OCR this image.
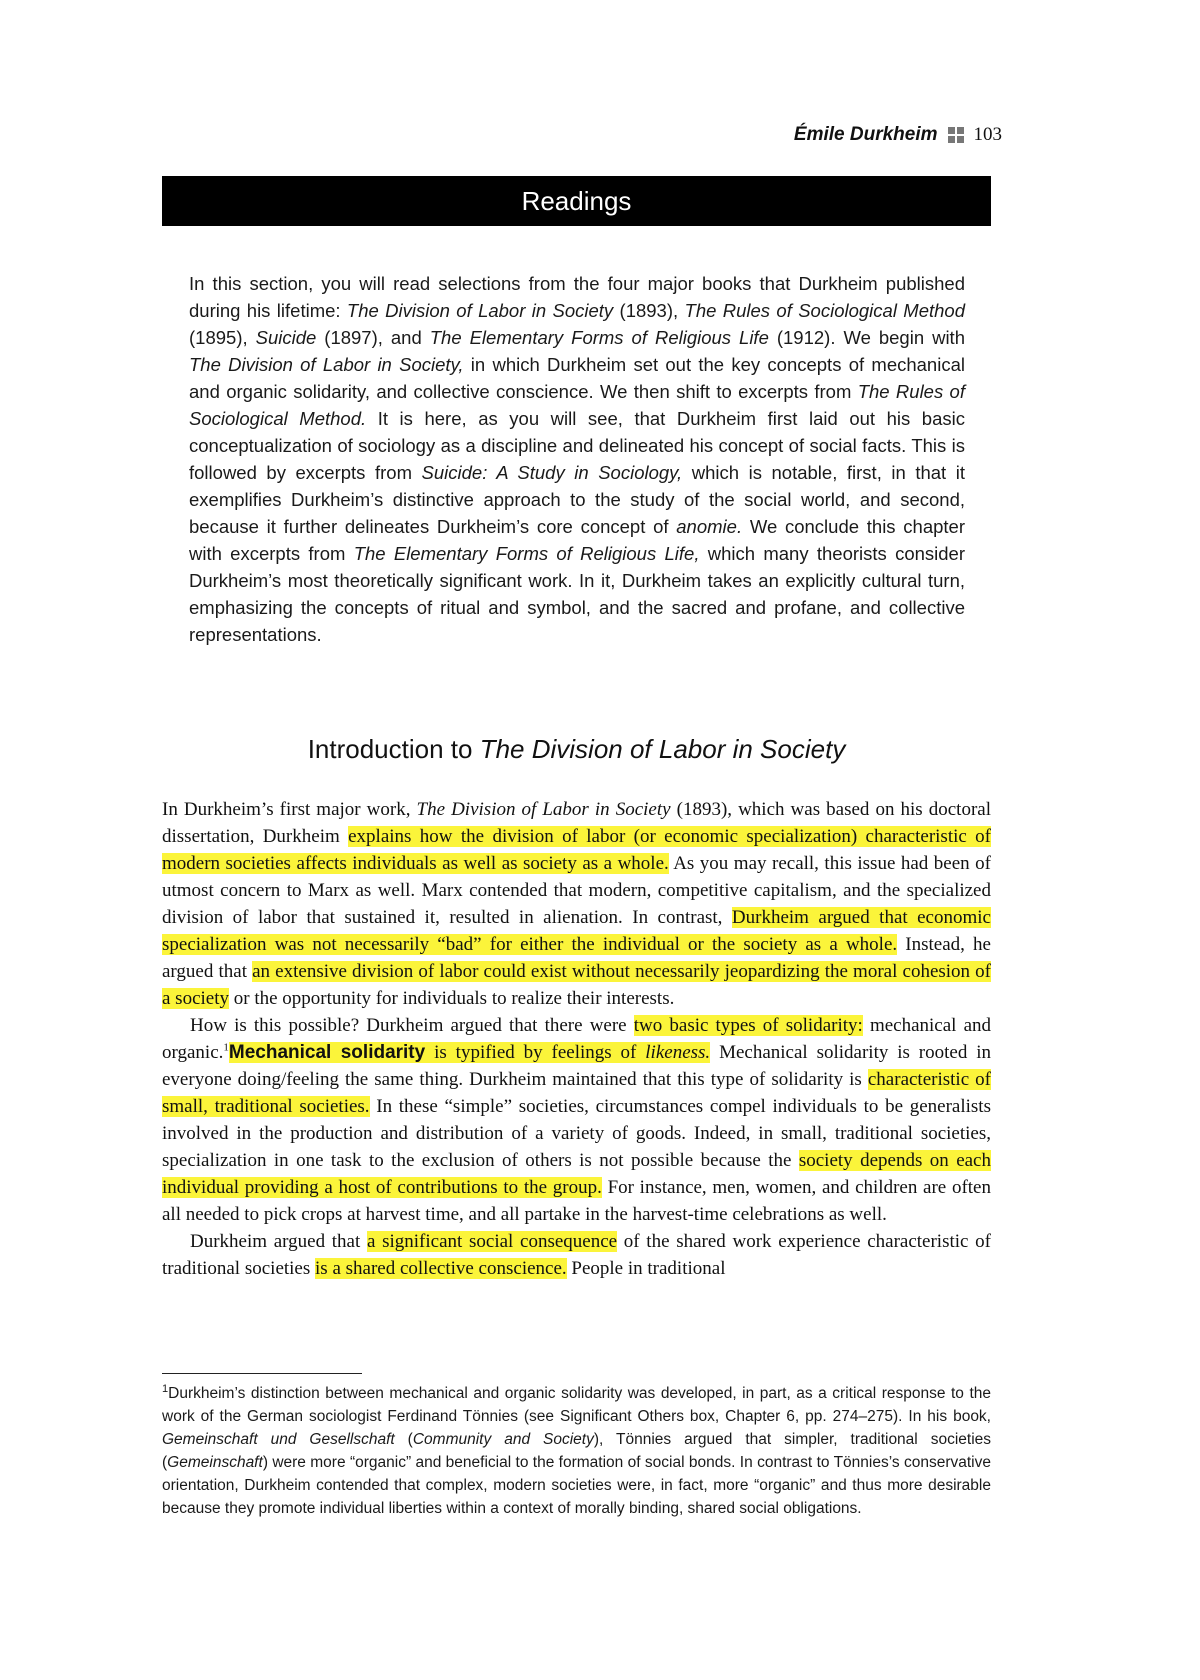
Émile Durkheim 103
Readings

In this section, you will read selections from the four major books that Durkheim published during his lifetime: The Division of Labor in Society (1893), The Rules of Sociological Method (1895), Suicide (1897), and The Elementary Forms of Religious Life (1912). We begin with The Division of Labor in Society, in which Durkheim set out the key concepts of mechanical and organic solidarity, and collective conscience. We then shift to excerpts from The Rules of Sociological Method. It is here, as you will see, that Durkheim first laid out his basic conceptualization of sociology as a discipline and delineated his concept of social facts. This is followed by excerpts from Suicide: A Study in Sociology, which is notable, first, in that it exemplifies Durkheim’s distinctive approach to the study of the social world, and second, because it further delineates Durkheim’s core concept of anomie. We conclude this chapter with excerpts from The Elementary Forms of Religious Life, which many theorists consider Durkheim’s most theoretically significant work. In it, Durkheim takes an explicitly cultural turn, emphasizing the concepts of ritual and symbol, and the sacred and profane, and collective representations.

Introduction to The Division of Labor in Society

In Durkheim’s first major work, The Division of Labor in Society (1893), which was based on his doctoral dissertation, Durkheim explains how the division of labor (or economic specialization) characteristic of modern societies affects individuals as well as society as a whole. As you may recall, this issue had been of utmost concern to Marx as well. Marx contended that modern, competitive capitalism, and the specialized division of labor that sustained it, resulted in alienation. In contrast, Durkheim argued that economic specialization was not necessarily “bad” for either the individual or the society as a whole. Instead, he argued that an extensive division of labor could exist without necessarily jeopardizing the moral cohesion of a society or the opportunity for individuals to realize their interests.

How is this possible? Durkheim argued that there were two basic types of solidarity: mechanical and organic.$^1$Mechanical solidarity is typified by feelings of likeness. Mechanical solidarity is rooted in everyone doing/feeling the same thing. Durkheim maintained that this type of solidarity is characteristic of small, traditional societies. In these “simple” societies, circumstances compel individuals to be generalists involved in the production and distribution of a variety of goods. Indeed, in small, traditional societies, specialization in one task to the exclusion of others is not possible because the society depends on each individual providing a host of contributions to the group. For instance, men, women, and children are often all needed to pick crops at harvest time, and all partake in the harvest-time celebrations as well.

Durkheim argued that a significant social consequence of the shared work experience characteristic of traditional societies is a shared collective conscience. People in traditional

$^1$Durkheim’s distinction between mechanical and organic solidarity was developed, in part, as a critical response to the work of the German sociologist Ferdinand Tönnies (see Significant Others box, Chapter 6, pp. 274–275). In his book, Gemeinschaft und Gesellschaft (Community and Society), Tönnies argued that simpler, traditional societies (Gemeinschaft) were more “organic” and beneficial to the formation of social bonds. In contrast to Tönnies’s conservative orientation, Durkheim contended that complex, modern societies were, in fact, more “organic” and thus more desirable because they promote individual liberties within a context of morally binding, shared social obligations.
